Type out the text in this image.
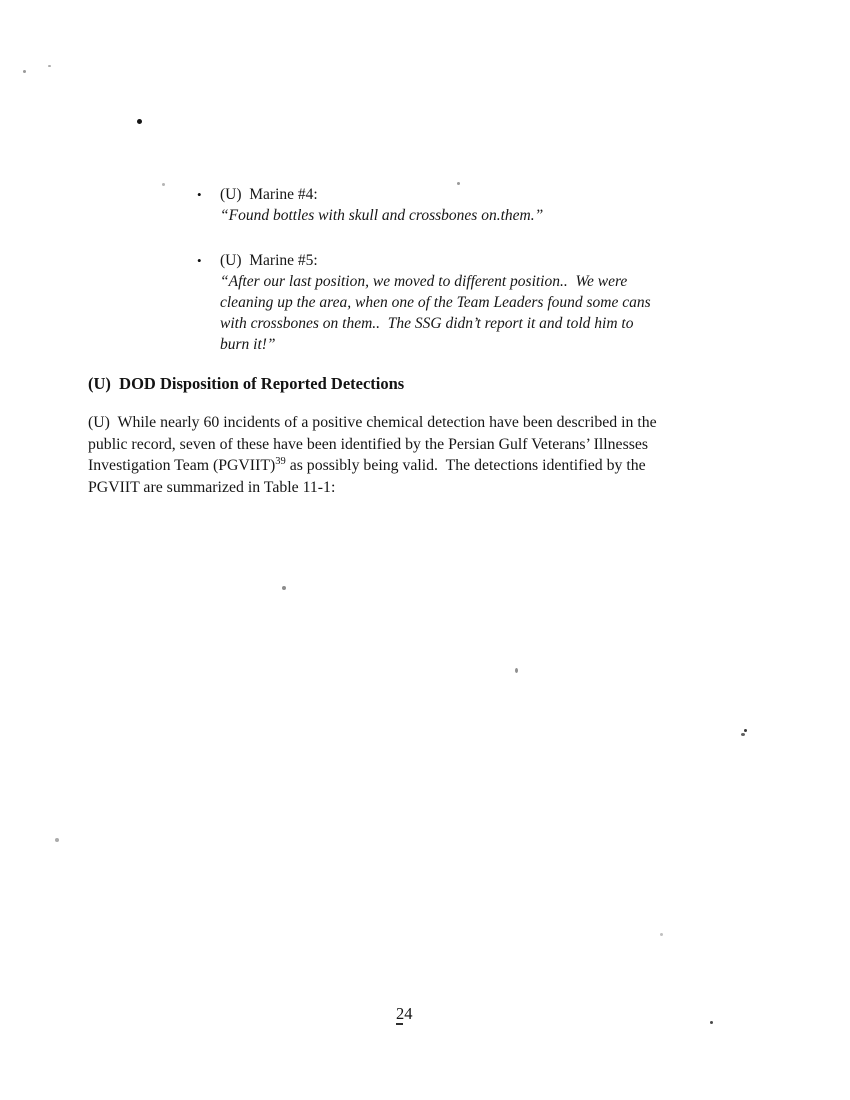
•	(U)  Marine #4:
“Found bottles with skull and crossbones on.them.”
•	(U)  Marine #5:
“After our last position, we moved to different position..  We were
cleaning up the area, when one of the Team Leaders found some cans
with crossbones on them..  The SSG didn’t report it and told him to
burn it!”
(U)  DOD Disposition of Reported Detections
(U)  While nearly 60 incidents of a positive chemical detection have been described in the
public record, seven of these have been identified by the Persian Gulf Veterans’ Illnesses
Investigation Team (PGVIIT)$^{39}$ as possibly being valid.  The detections identified by the
PGVIIT are summarized in Table 11-1:
24
